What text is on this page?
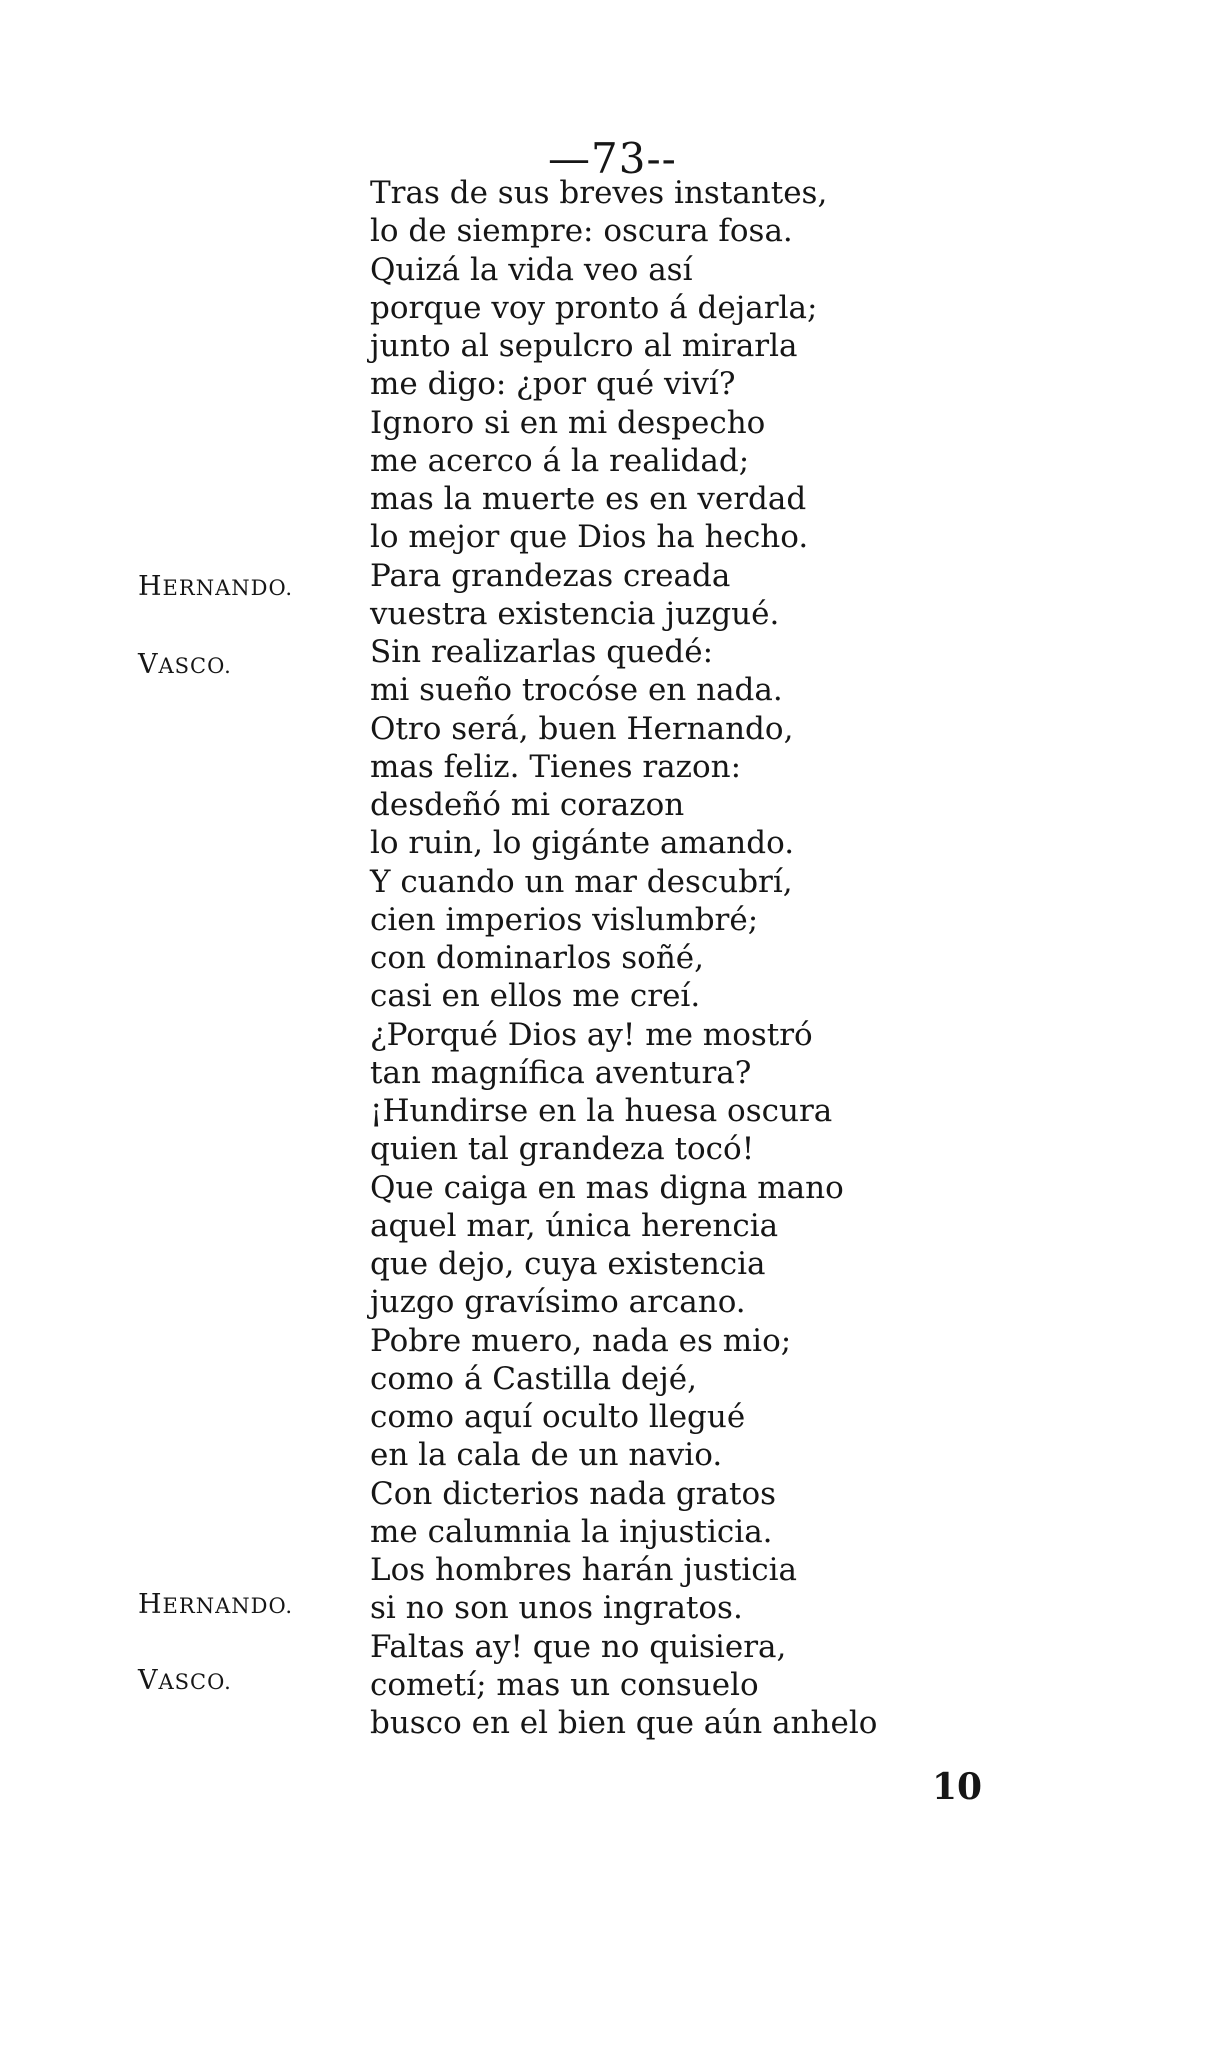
—73--
HERNANDO.
VASCO.
HERNANDO.
VASCO.
Tras de sus breves instantes,
lo de siempre: oscura fosa.
Quizá la vida veo así
porque voy pronto á dejarla;
junto al sepulcro al mirarla
me digo: ¿por qué viví?
Ignoro si en mi despecho
me acerco á la realidad;
mas la muerte es en verdad
lo mejor que Dios ha hecho.
Para grandezas creada
vuestra existencia juzgué.
Sin realizarlas quedé:
mi sueño trocóse en nada.
Otro será, buen Hernando,
mas feliz. Tienes razon:
desdeñó mi corazon
lo ruin, lo gigánte amando.
Y cuando un mar descubrí,
cien imperios vislumbré;
con dominarlos soñé,
casi en ellos me creí.
¿Porqué Dios ay! me mostró
tan magnífica aventura?
¡Hundirse en la huesa oscura
quien tal grandeza tocó!
Que caiga en mas digna mano
aquel mar, única herencia
que dejo, cuya existencia
juzgo gravísimo arcano.
Pobre muero, nada es mio;
como á Castilla dejé,
como aquí oculto llegué
en la cala de un navio.
Con dicterios nada gratos
me calumnia la injusticia.
Los hombres harán justicia
si no son unos ingratos.
Faltas ay! que no quisiera,
cometí; mas un consuelo
busco en el bien que aún anhelo
10
